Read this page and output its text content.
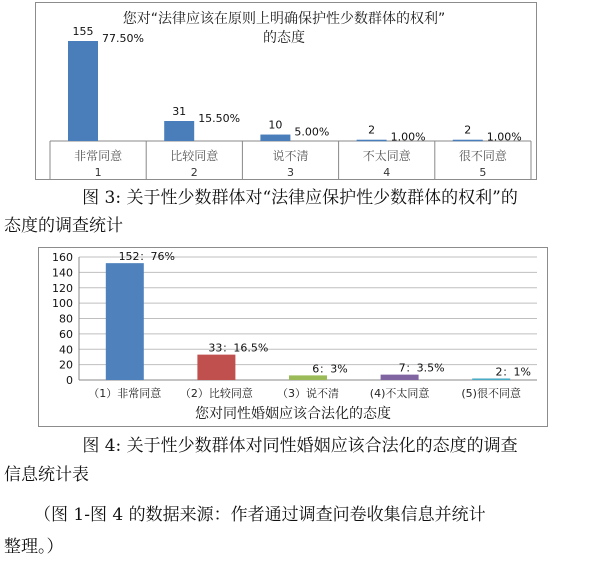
您对“法律应该在原则上明确保护性少数群体的权利”
的态度
155
77.50%
非常同意
1
31
15.50%
比较同意
2
10
5.00%
说不清
3
2
1.00%
不太同意
4
2
1.00%
很不同意
5
图 3: 关于性少数群体对“法律应保护性少数群体的权利”的
态度的调查统计
0
20
40
60
80
100
120
140
160	152：76%
（1）非常同意
33：16.5%
（2）比较同意
6：3%
（3）说不清
7：3.5%
(4)不太同意
2：1%
(5)很不同意
您对同性婚姻应该合法化的态度
图 4: 关于性少数群体对同性婚姻应该合法化的态度的调查
信息统计表
（图 1-图 4 的数据来源：作者通过调查问卷收集信息并统计
整理。）
